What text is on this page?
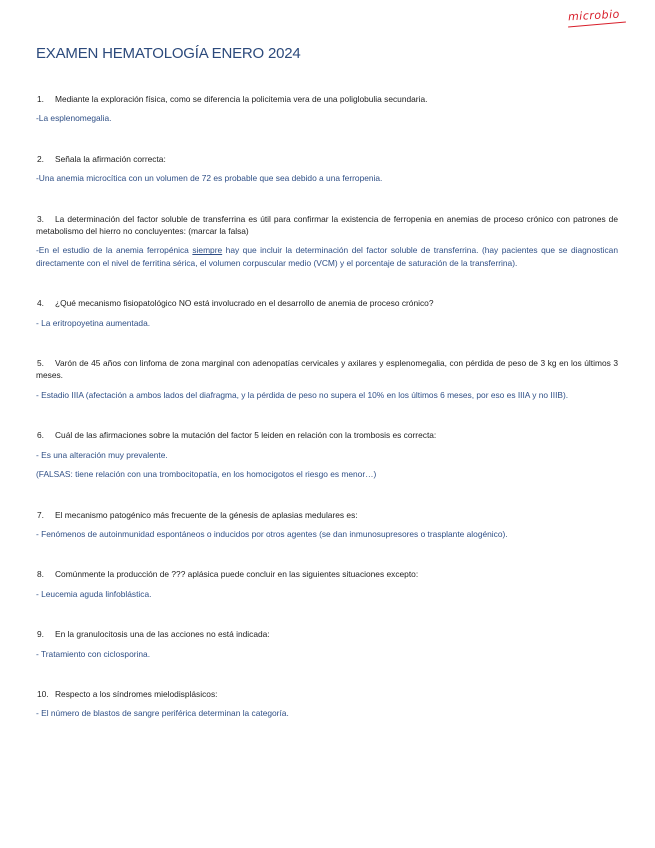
microbio
EXAMEN HEMATOLOGÍA ENERO 2024
1. Mediante la exploración física, como se diferencia la policitemia vera de una poliglobulia secundaria.
-La esplenomegalia.
2. Señala la afirmación correcta:
-Una anemia microcítica con un volumen de 72 es probable que sea debido a una ferropenia.
3. La determinación del factor soluble de transferrina es útil para confirmar la existencia de ferropenia en anemias de proceso crónico con patrones de metabolismo del hierro no concluyentes: (marcar la falsa)
-En el estudio de la anemia ferropénica siempre hay que incluir la determinación del factor soluble de transferrina. (hay pacientes que se diagnostican directamente con el nivel de ferritina sérica, el volumen corpuscular medio (VCM) y el porcentaje de saturación de la transferrina).
4. ¿Qué mecanismo fisiopatológico NO está involucrado en el desarrollo de anemia de proceso crónico?
- La eritropoyetina aumentada.
5. Varón de 45 años con linfoma de zona marginal con adenopatías cervicales y axilares y esplenomegalia, con pérdida de peso de 3 kg en los últimos 3 meses.
- Estadio IIIA (afectación a ambos lados del diafragma, y la pérdida de peso no supera el 10% en los últimos 6 meses, por eso es IIIA y no IIIB).
6. Cuál de las afirmaciones sobre la mutación del factor 5 leiden en relación con la trombosis es correcta:
- Es una alteración muy prevalente.
(FALSAS: tiene relación con una trombocitopatía, en los homocigotos el riesgo es menor…)
7. El mecanismo patogénico más frecuente de la génesis de aplasias medulares es:
- Fenómenos de autoinmunidad espontáneos o inducidos por otros agentes (se dan inmunosupresores o trasplante alogénico).
8. Comúnmente la producción de ??? aplásica puede concluir en las siguientes situaciones excepto:
- Leucemia aguda linfoblástica.
9. En la granulocitosis una de las acciones no está indicada:
- Tratamiento con ciclosporina.
10. Respecto a los síndromes mielodisplásicos:
- El número de blastos de sangre periférica determinan la categoría.
